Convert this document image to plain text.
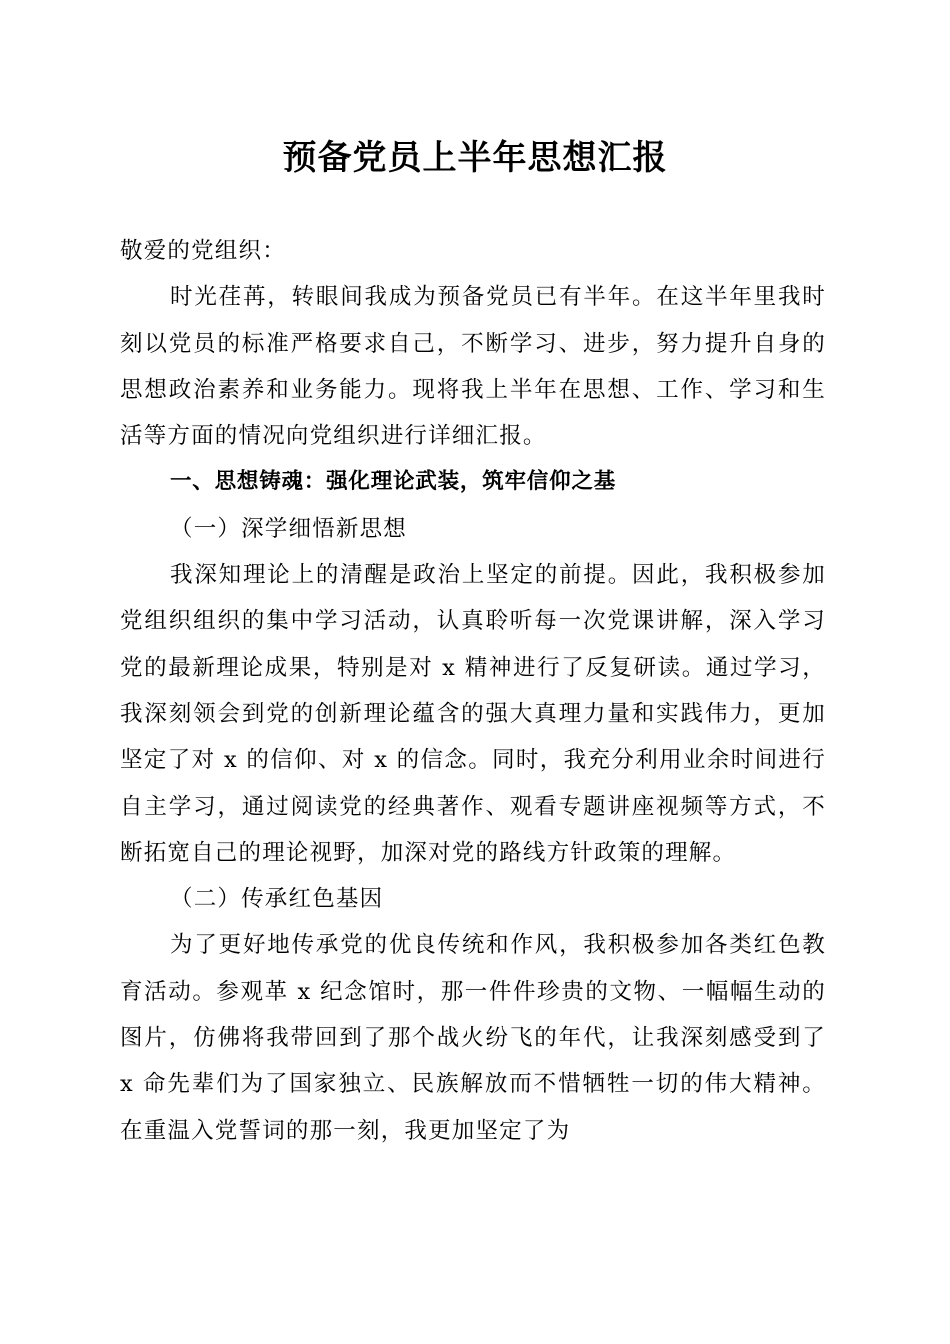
预备党员上半年思想汇报

敬爱的党组织：

时光荏苒，转眼间我成为预备党员已有半年。在这半年里我时刻以党员的标准严格要求自己，不断学习、进步，努力提升自身的思想政治素养和业务能力。现将我上半年在思想、工作、学习和生活等方面的情况向党组织进行详细汇报。

一、思想铸魂：强化理论武装，筑牢信仰之基

（一）深学细悟新思想

我深知理论上的清醒是政治上坚定的前提。因此，我积极参加党组织组织的集中学习活动，认真聆听每一次党课讲解，深入学习党的最新理论成果，特别是对 x 精神进行了反复研读。通过学习，我深刻领会到党的创新理论蕴含的强大真理力量和实践伟力，更加坚定了对 x 的信仰、对 x 的信念。同时，我充分利用业余时间进行自主学习，通过阅读党的经典著作、观看专题讲座视频等方式，不断拓宽自己的理论视野，加深对党的路线方针政策的理解。

（二）传承红色基因

为了更好地传承党的优良传统和作风，我积极参加各类红色教育活动。参观革 x 纪念馆时，那一件件珍贵的文物、一幅幅生动的图片，仿佛将我带回到了那个战火纷飞的年代，让我深刻感受到了 x 命先辈们为了国家独立、民族解放而不惜牺牲一切的伟大精神。在重温入党誓词的那一刻，我更加坚定了为
